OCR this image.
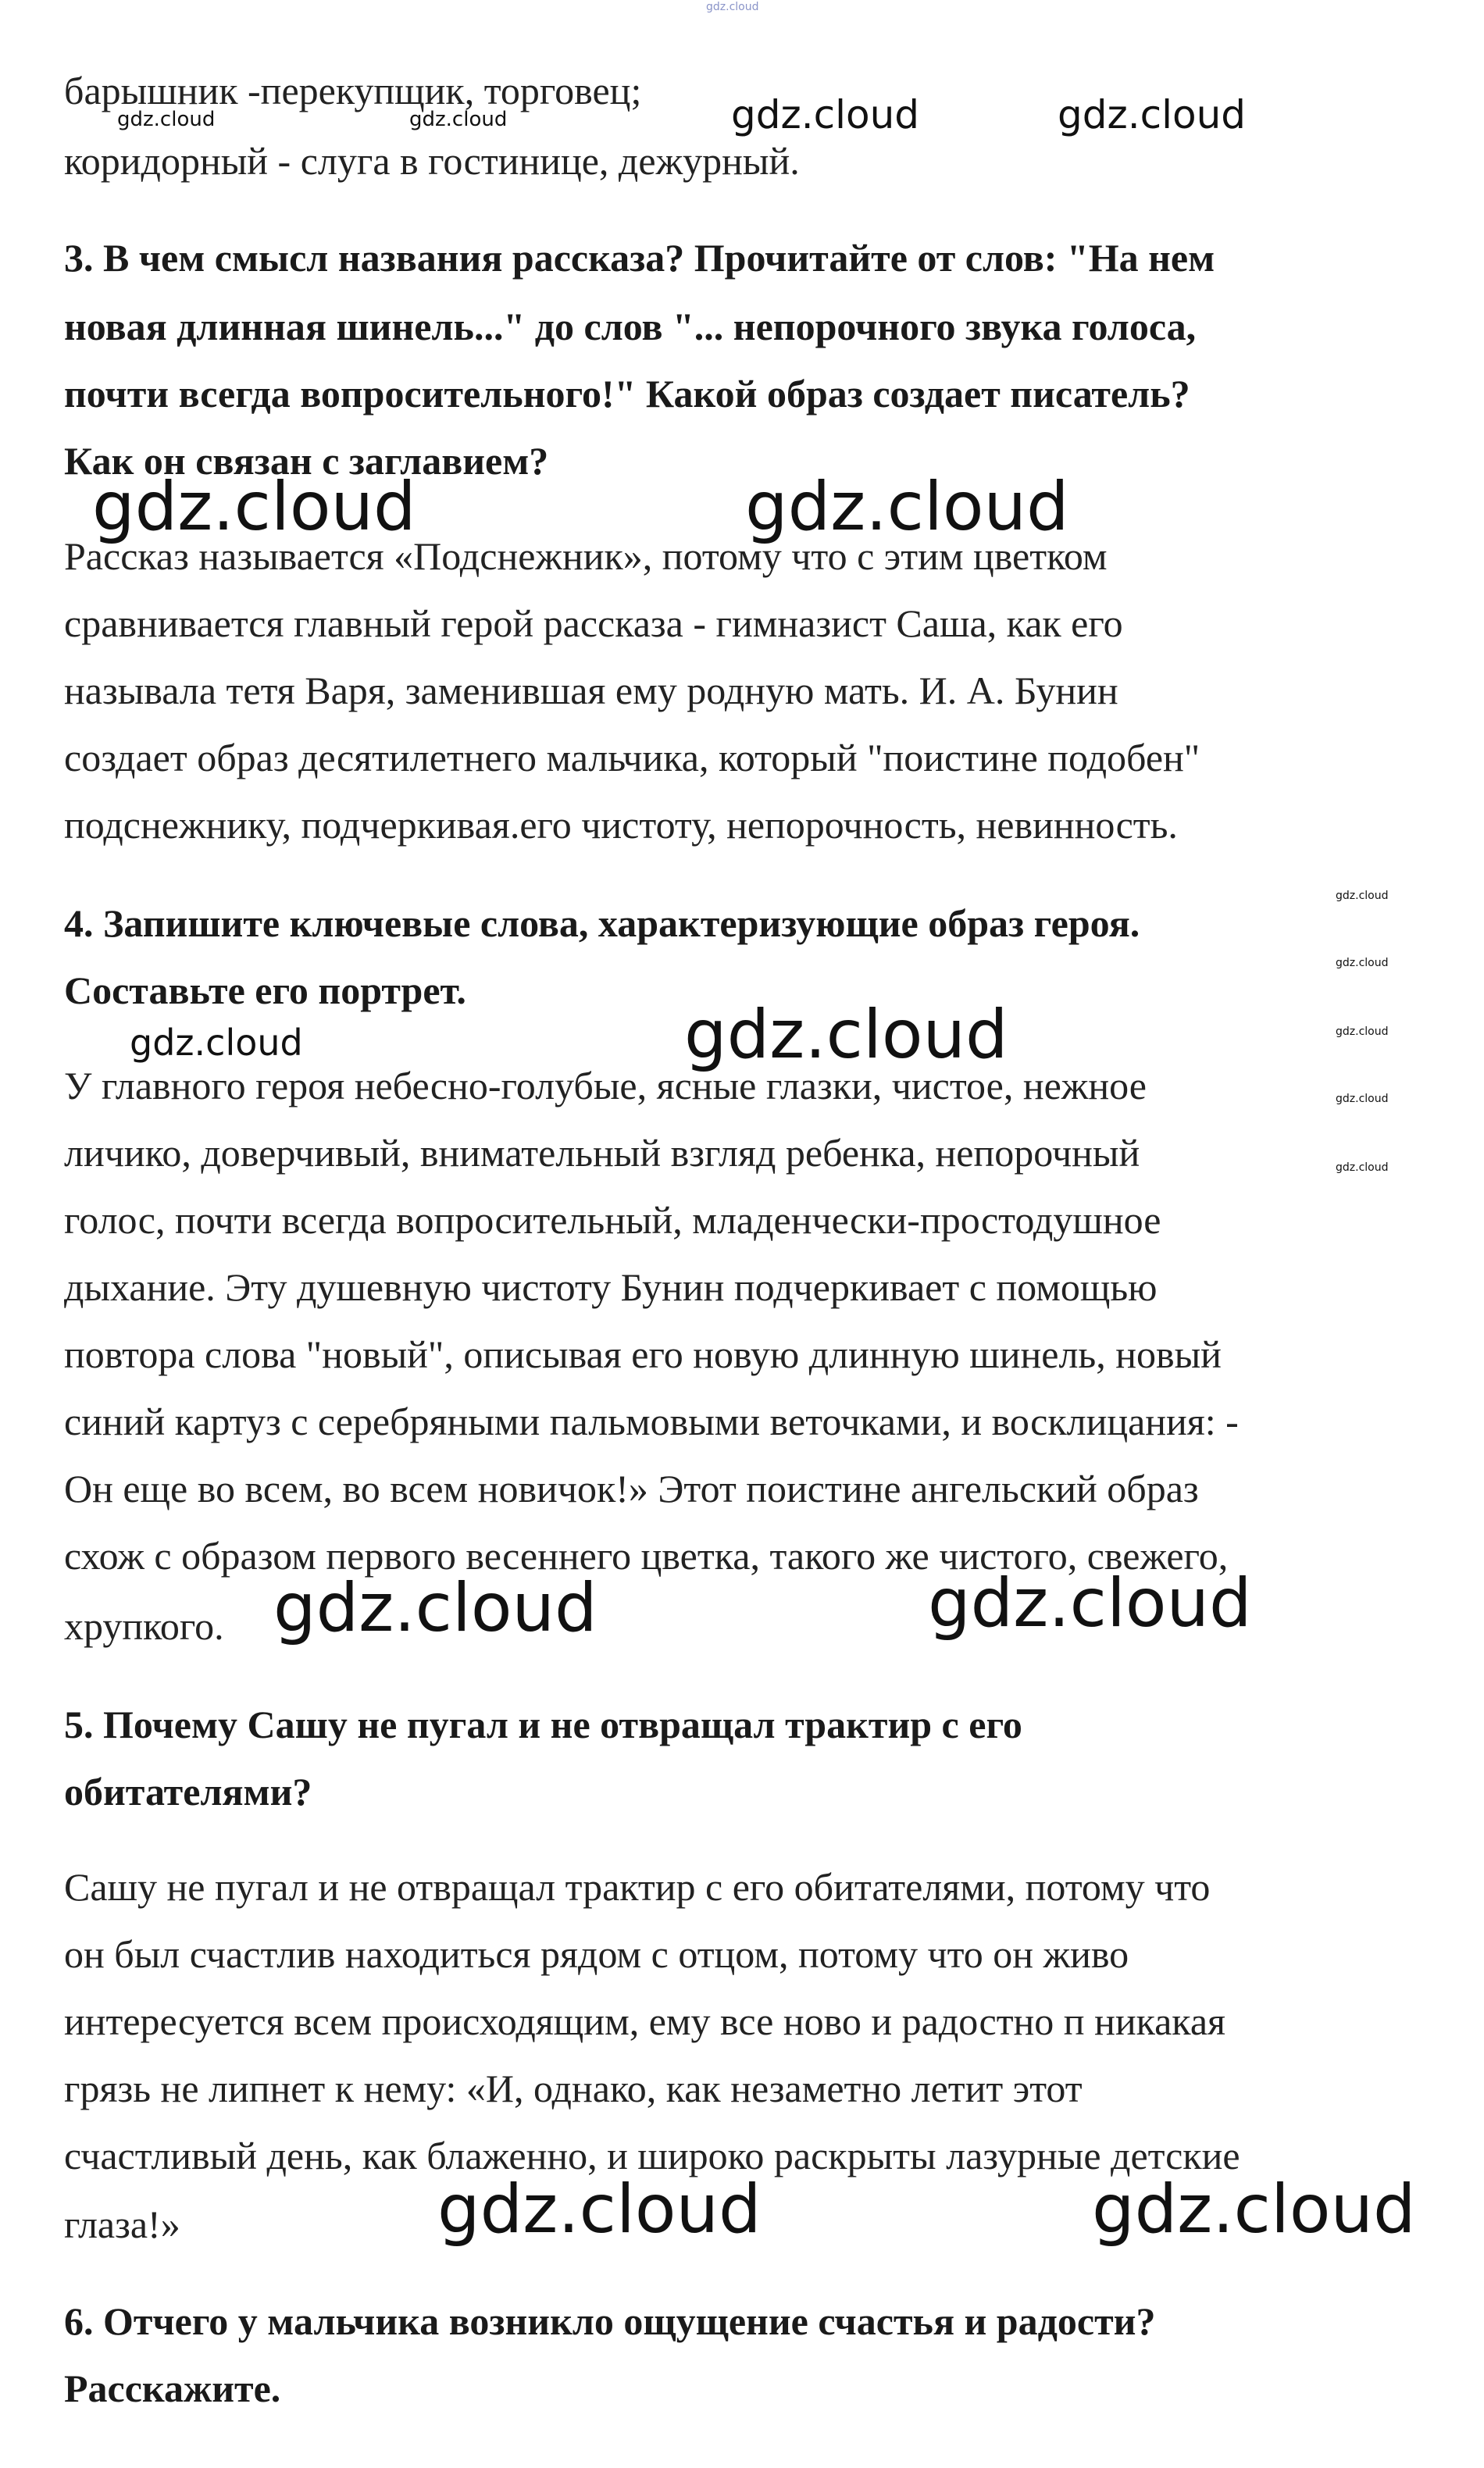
gdz.cloud
барышник -перекупщик, торговец;
коридорный - слуга в гостинице, дежурный.
3. В чем смысл названия рассказа? Прочитайте от слов: "На нем
новая длинная шинель..." до слов "... непорочного звука голоса,
почти всегда вопросительного!" Какой образ создает писатель?
Как он связан с заглавием?
Рассказ называется «Подснежник», потому что с этим цветком
сравнивается главный герой рассказа - гимназист Саша, как его
называла тетя Варя, заменившая ему родную мать. И. А. Бунин
создает образ десятилетнего мальчика, который "поистине подобен"
подснежнику, подчеркивая.его чистоту, непорочность, невинность.
4. Запишите ключевые слова, характеризующие образ героя.
Составьте его портрет.
У главного героя небесно-голубые, ясные глазки, чистое, нежное
личико, доверчивый, внимательный взгляд ребенка, непорочный
голос, почти всегда вопросительный, младенчески-простодушное
дыхание. Эту душевную чистоту Бунин подчеркивает с помощью
повтора слова "новый", описывая его новую длинную шинель, новый
синий картуз с серебряными пальмовыми веточками, и восклицания: -
Он еще во всем, во всем новичок!» Этот поистине ангельский образ
схож с образом первого весеннего цветка, такого же чистого, свежего,
хрупкого.
5. Почему Сашу не пугал и не отвращал трактир с его
обитателями?
Сашу не пугал и не отвращал трактир с его обитателями, потому что
он был счастлив находиться рядом с отцом, потому что он живо
интересуется всем происходящим, ему все ново и радостно п никакая
грязь не липнет к нему: «И, однако, как незаметно летит этот
счастливый день, как блаженно, и широко раскрыты лазурные детские
глаза!»
6. Отчего у мальчика возникло ощущение счастья и радости?
Расскажите.
gdz.cloud	gdz.cloud	gdz.cloud	gdz.cloud
gdz.cloud	gdz.cloud
gdz.cloud
gdz.cloud
gdz.cloud
gdz.cloud
gdz.cloud
gdz.cloud	gdz.cloud
gdz.cloud	gdz.cloud
gdz.cloud	gdz.cloud
